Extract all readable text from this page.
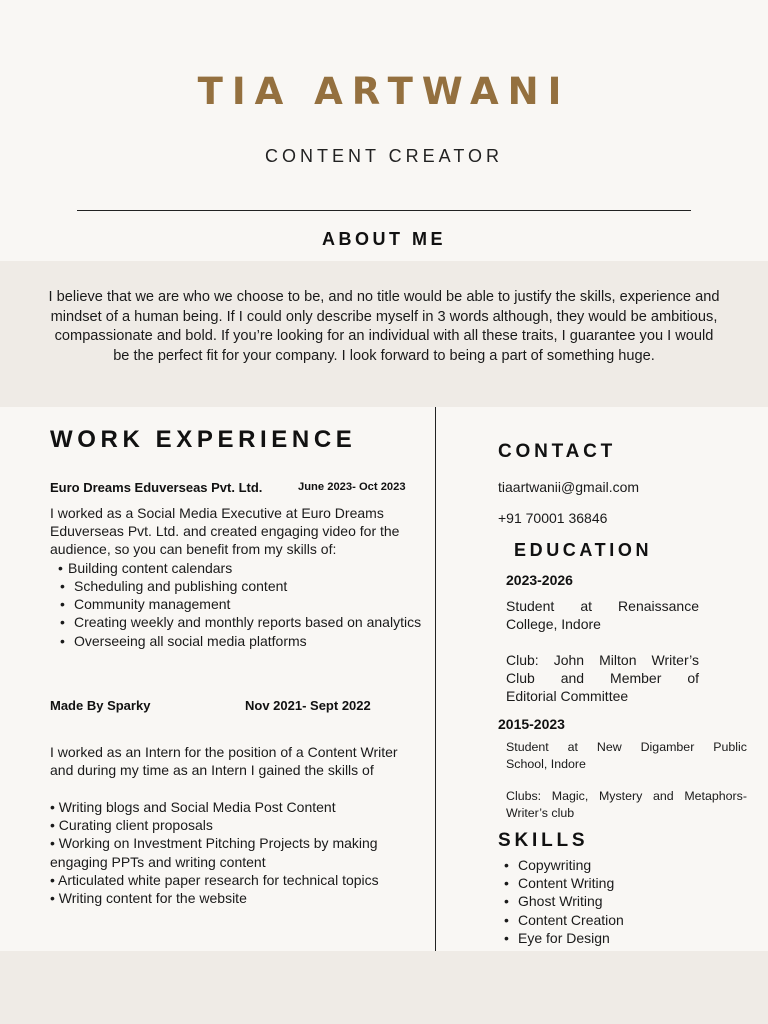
TIA ARTWANI
CONTENT CREATOR
ABOUT ME
I believe that we are who we choose to be, and no title would be able to justify the skills, experience and mindset of a human being. If I could only describe myself in 3 words although, they would be ambitious, compassionate and bold. If you’re looking for an individual with all these traits, I guarantee you I would be the perfect fit for your company. I look forward to being a part of something huge.
WORK EXPERIENCE
Euro Dreams Eduverseas Pvt. Ltd.	June 2023- Oct 2023
I worked as a Social Media Executive at Euro Dreams Eduverseas Pvt. Ltd. and created engaging video for the audience, so you can benefit from my skills of:
• Building content calendars
• Scheduling and publishing content
• Community management
• Creating weekly and monthly reports based on analytics
• Overseeing all social media platforms
Made By Sparky	Nov 2021- Sept 2022
I worked as an Intern for the position of a Content Writer and during my time as an Intern I gained the skills of
• Writing blogs and Social Media Post Content
• Curating client proposals
• Working on Investment Pitching Projects by making engaging PPTs and writing content
• Articulated white paper research for technical topics
• Writing content for the website
CONTACT
tiaartwanii@gmail.com
+91 70001 36846
EDUCATION
2023-2026
Student at Renaissance
College, Indore
Club: John Milton Writer’s
Club and Member of
Editorial Committee
2015-2023
Student at New Digamber Public
School, Indore
Clubs: Magic, Mystery and Metaphors-
Writer’s club
SKILLS
• Copywriting
• Content Writing
• Ghost Writing
• Content Creation
• Eye for Design
